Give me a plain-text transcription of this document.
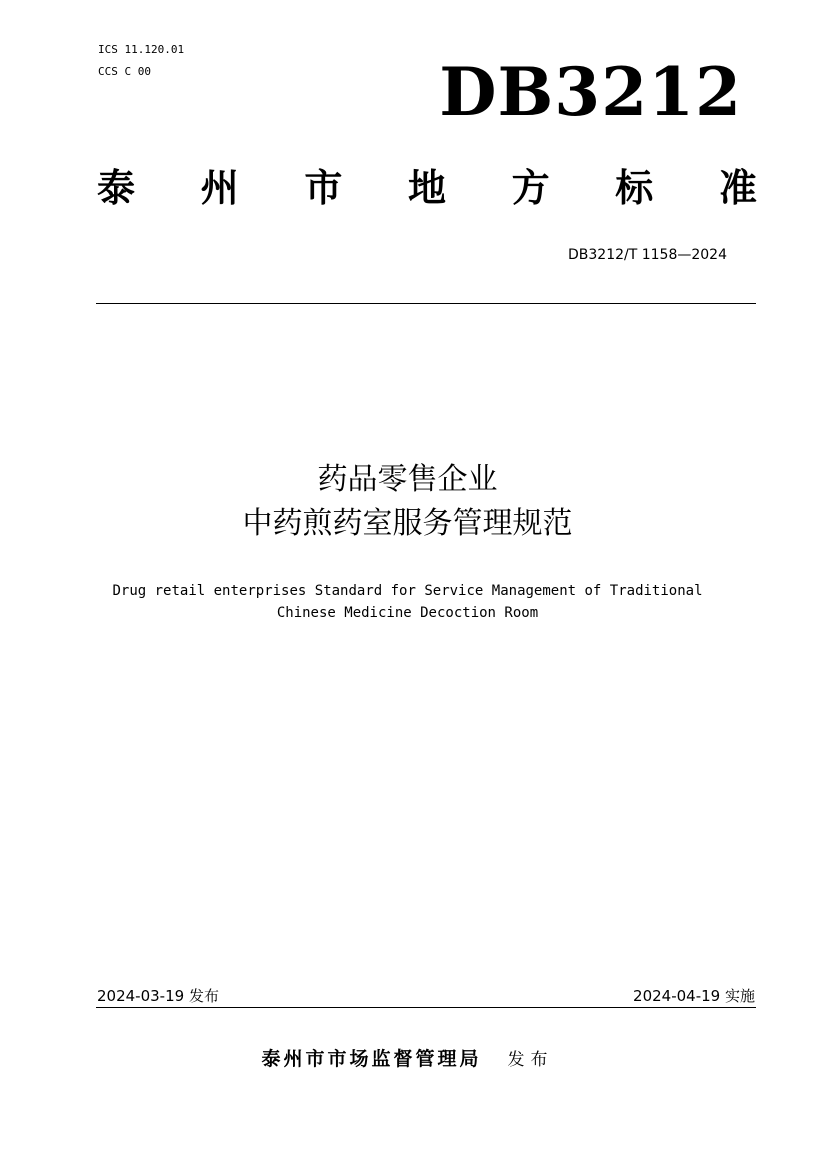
ICS 11.120.01
CCS C 00	DB3212
泰 州 市 地 方 标 准
DB3212/T 1158—2024
药品零售企业
中药煎药室服务管理规范
Drug retail enterprises Standard for Service Management of Traditional
Chinese Medicine Decoction Room
2024-03-19 发布	2024-04-19 实施
泰州市市场监督管理局 发布
